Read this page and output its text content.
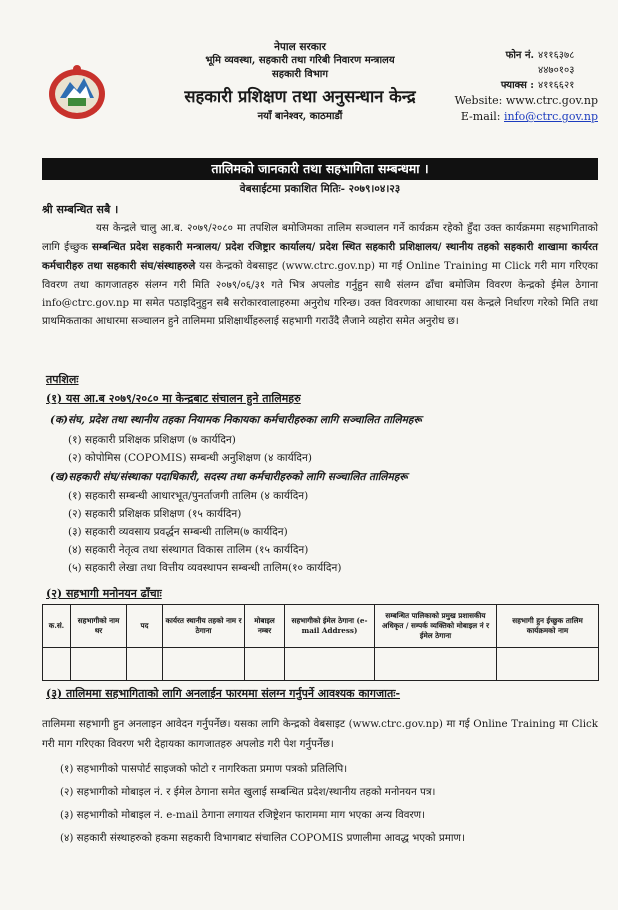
नेपाल सरकार
भूमि व्यवस्था, सहकारी तथा गरिबी निवारण मन्त्रालय
सहकारी विभाग
सहकारी प्रशिक्षण तथा अनुसन्धान केन्द्र
नयाँ बानेश्वर, काठमाडौं
फोन नं. ४११६३७८
४४७०१०३
फ्याक्स : ४११६६२१
Website: www.ctrc.gov.np
E-mail: info@ctrc.gov.np
तालिमको जानकारी तथा सहभागिता सम्बन्धमा ।
वेबसाईटमा प्रकाशित मितिः- २०७९।०४।२३
श्री सम्बन्धित सबै ।
यस केन्द्रले चालु आ.ब. २०७९/२०८० मा तपशिल बमोजिमका तालिम सञ्चालन गर्ने कार्यक्रम रहेको हुँदा उक्त कार्यक्रममा सहभागिताको लागि ईच्छुक सम्बन्धित प्रदेश सहकारी मन्त्रालय/ प्रदेश रजिष्ट्रार कार्यालय/ प्रदेश स्थित सहकारी प्रशिक्षालय/ स्थानीय तहको सहकारी शाखामा कार्यरत कर्मचारीहरु तथा सहकारी संघ/संस्थाहरुले यस केन्द्रको वेबसाइट (www.ctrc.gov.np) मा गई Online Training मा Click गरी माग गरिएका विवरण तथा कागजातहरु संलग्न गरी मिति २०७९/०६/३१ गते भित्र अपलोड गर्नुहुन साथै संलग्न ढाँचा बमोजिम विवरण केन्द्रको ईमेल ठेगाना info@ctrc.gov.np मा समेत पठाइदिनुहुन सबै सरोकारवालाहरुमा अनुरोध गरिन्छ। उक्त विवरणका आधारमा यस केन्द्रले निर्धारण गरेको मिति तथा प्राथमिकताका आधारमा सञ्चालन हुने तालिममा प्रशिक्षार्थीहरुलाई सहभागी गराउँदै लैजाने व्यहोरा समेत अनुरोध छ।
तपशिलः
(१) यस आ.ब २०७९/२०८० मा केन्द्रबाट संचालन हुने तालिमहरु
(क)संघ, प्रदेश तथा स्थानीय तहका नियामक निकायका कर्मचारीहरुका लागि सञ्चालित तालिमहरू
(१) सहकारी प्रशिक्षक प्रशिक्षण (७ कार्यदिन)
(२) कोपोमिस (COPOMIS) सम्बन्धी अनुशिक्षण (४ कार्यदिन)
(ख)सहकारी संघ/संस्थाका पदाधिकारी, सदस्य तथा कर्मचारीहरुको लागि सञ्चालित तालिमहरू
(१) सहकारी सम्बन्धी आधारभूत/पुनर्ताजगी तालिम (४ कार्यदिन)
(२) सहकारी प्रशिक्षक प्रशिक्षण (१५ कार्यदिन)
(३) सहकारी व्यवसाय प्रवर्द्धन सम्बन्धी तालिम(७ कार्यदिन)
(४) सहकारी नेतृत्व तथा संस्थागत विकास तालिम (१५ कार्यदिन)
(५) सहकारी लेखा तथा वित्तीय व्यवस्थापन सम्बन्धी तालिम(१० कार्यदिन)
(२) सहभागी मनोनयन ढाँचाः
क.सं.	सहभागीको नाम थर	पद	कार्यरत स्थानीय तहको नाम र ठेगाना	मोबाइल नम्बर	सहभागीको ईमेल ठेगाना (e-mail Address)	सम्बन्धित पालिकाको प्रमुख प्रशासकीय अधिकृत / सम्पर्क व्यक्तिको मोबाइल नं र ईमेल ठेगाना	सहभागी हुन ईच्छुक तालिम कार्यक्रमको नाम

(३) तालिममा सहभागिताको लागि अनलाईन फारममा संलग्न गर्नुपर्ने आवश्यक कागजातः-
तालिममा सहभागी हुन अनलाइन आवेदन गर्नुपर्नेछ। यसका लागि केन्द्रको वेबसाइट (www.ctrc.gov.np) मा गई Online Training मा Click गरी माग गरिएका विवरण भरी देहायका कागजातहरु अपलोड गरी पेश गर्नुपर्नेछ।
(१) सहभागीको पासपोर्ट साइजको फोटो र नागरिकता प्रमाण पत्रको प्रतिलिपि।
(२) सहभागीको मोबाइल नं. र ईमेल ठेगाना समेत खुलाई सम्बन्धित प्रदेश/स्थानीय तहको मनोनयन पत्र।
(३) सहभागीको मोबाइल नं. e-mail ठेगाना लगायत रजिष्ट्रेशन फाराममा माग भएका अन्य विवरण।
(४) सहकारी संस्थाहरुको हकमा सहकारी विभागबाट संचालित COPOMIS प्रणालीमा आवद्ध भएको प्रमाण।
